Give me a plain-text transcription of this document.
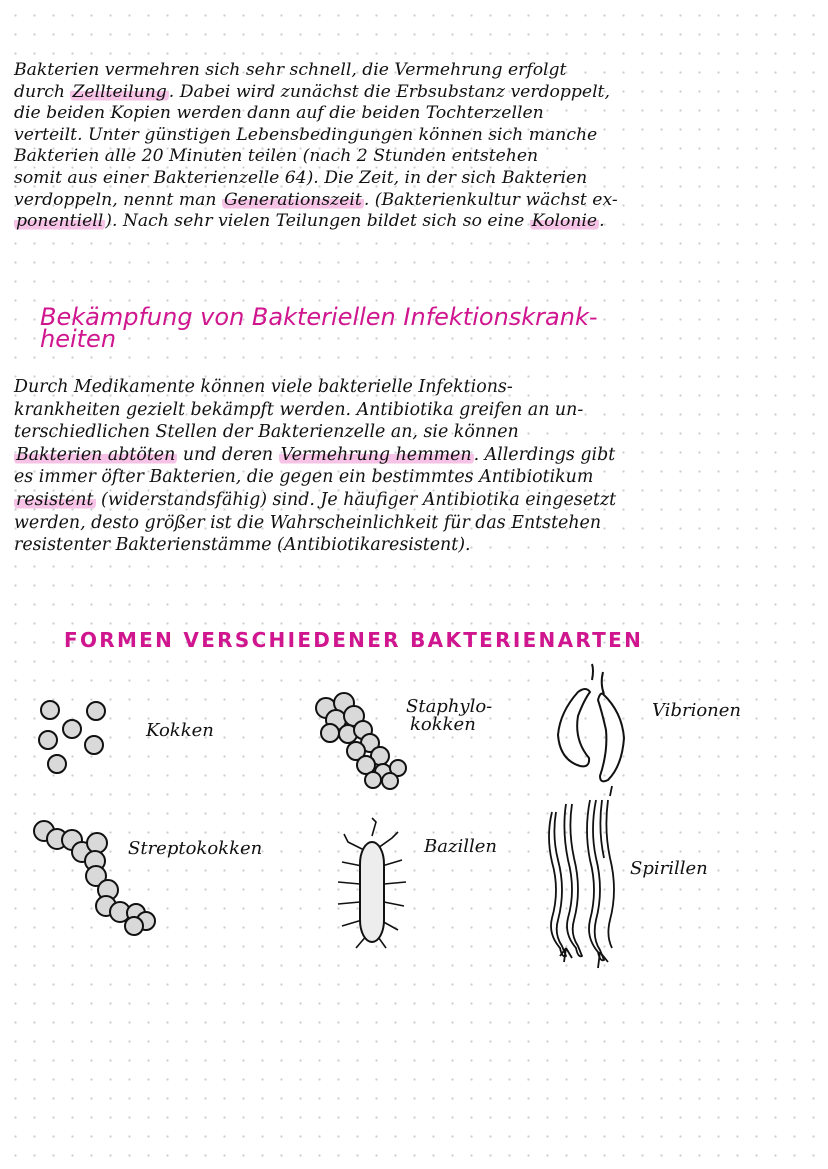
Bakterien vermehren sich sehr schnell, die Vermehrung erfolgt
durch Zellteilung . Dabei wird zunächst die Erbsubstanz verdoppelt,
die beiden Kopien werden dann auf die beiden Tochterzellen
verteilt. Unter günstigen Lebensbedingungen können sich manche
Bakterien alle 20 Minuten teilen (nach 2 Stunden entstehen
somit aus einer Bakterienzelle 64). Die Zeit, in der sich Bakterien
verdoppeln, nennt man Generationszeit . (Bakterienkultur wächst ex-
ponentiell ). Nach sehr vielen Teilungen bildet sich so eine Kolonie .
Bekämpfung von Bakteriellen Infektionskrank-
heiten
Durch Medikamente können viele bakterielle Infektions-
krankheiten gezielt bekämpft werden. Antibiotika greifen an un-
terschiedlichen Stellen der Bakterienzelle an, sie können
Bakterien abtöten und deren Vermehrung hemmen . Allerdings gibt
es immer öfter Bakterien, die gegen ein bestimmtes Antibiotikum
resistent (widerstandsfähig) sind. Je häufiger Antibiotika eingesetzt
werden, desto größer ist die Wahrscheinlichkeit für das Entstehen
resistenter Bakterienstämme (Antibiotikaresistent).
FORMEN VERSCHIEDENER BAKTERIENARTEN

Kokken

Staphylo-

kokken

Vibrionen

Streptokokken	Bazillen

Spirillen
